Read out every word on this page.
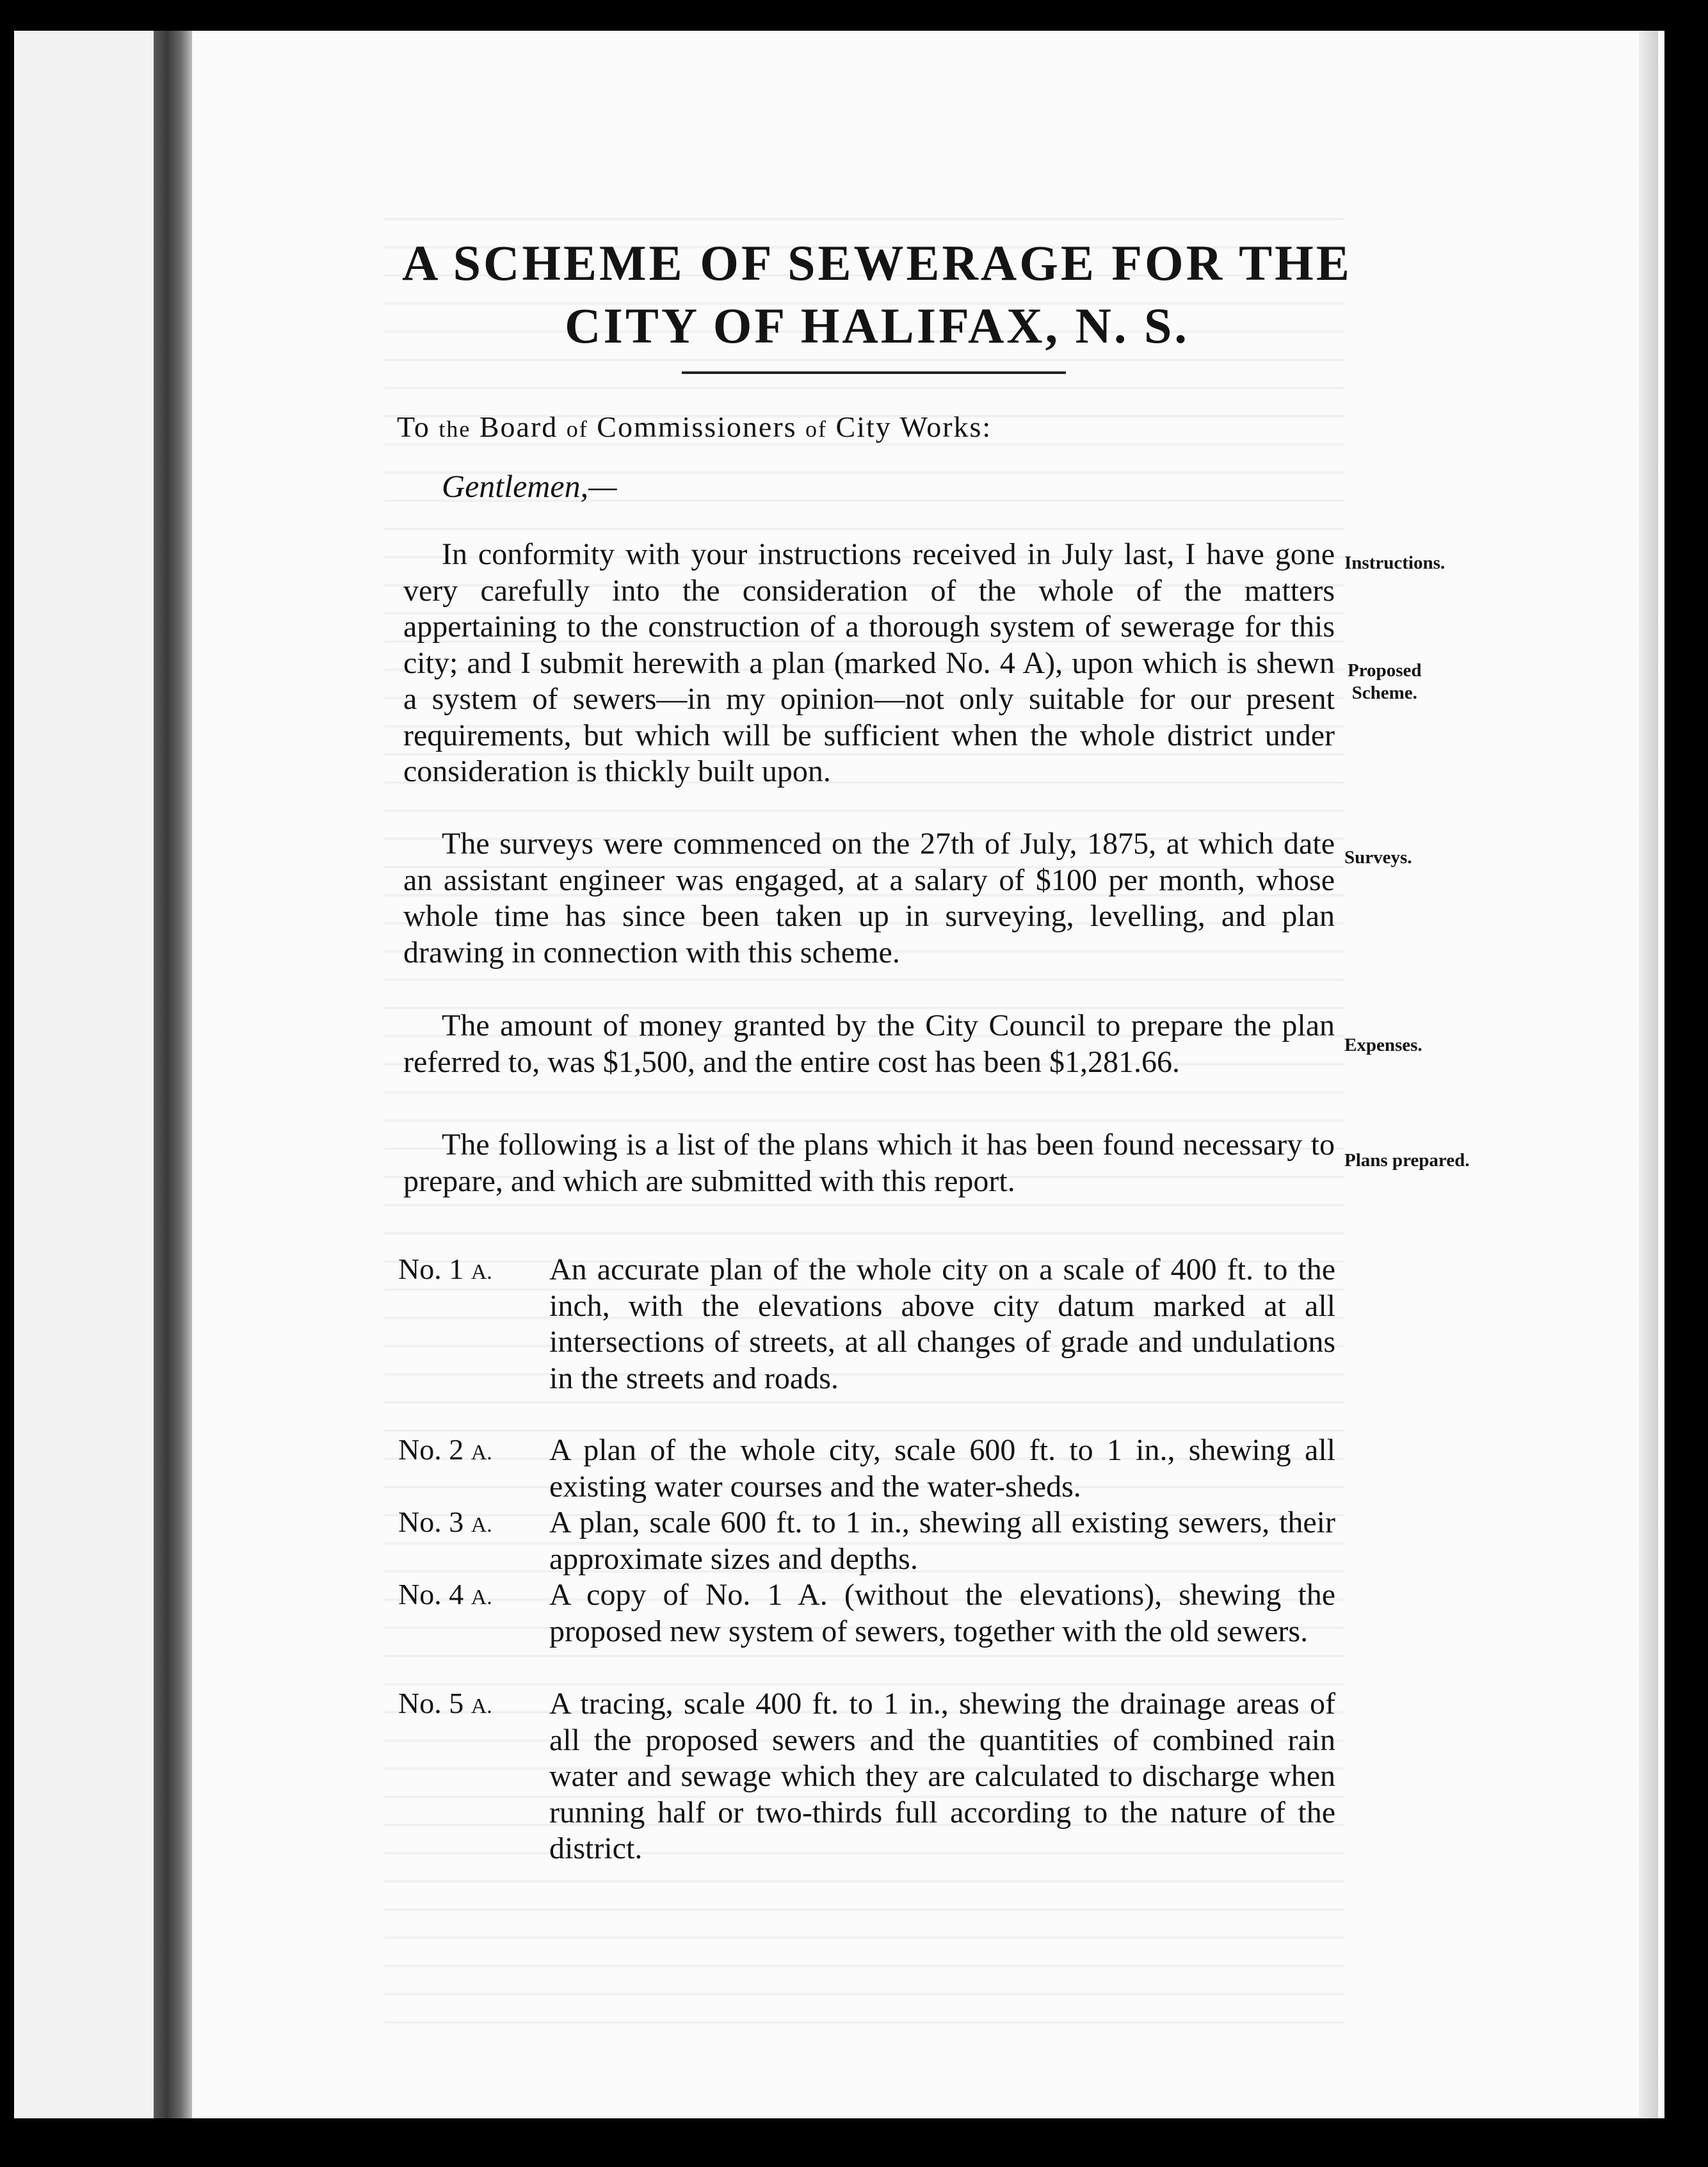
A SCHEME OF SEWERAGE FOR THE
CITY OF HALIFAX, N. S.
To the Board of Commissioners of City Works:
Gentlemen,—
In conformity with your instructions received in July last, I have gone very carefully into the consideration of the whole of the matters appertaining to the construction of a thorough system of sewerage for this city; and I submit herewith a plan (marked No. 4 A), upon which is shewn a system of sewers—in my opinion—not only suitable for our present requirements, but which will be sufficient when the whole district under consideration is thickly built upon.
The surveys were commenced on the 27th of July, 1875, at which date an assistant engineer was engaged, at a salary of $100 per month, whose whole time has since been taken up in surveying, levelling, and plan drawing in connection with this scheme.
The amount of money granted by the City Council to prepare the plan referred to, was $1,500, and the entire cost has been $1,281.66.
The following is a list of the plans which it has been found necessary to prepare, and which are submitted with this report.
Instructions.
Proposed
Scheme.
Surveys.
Expenses.
Plans prepared.
No. 1 A.	An accurate plan of the whole city on a scale of 400 ft. to the inch, with the elevations above city datum marked at all intersections of streets, at all changes of grade and undulations in the streets and roads.
No. 2 A.	A plan of the whole city, scale 600 ft. to 1 in., shewing all existing water courses and the water-sheds.
No. 3 A.	A plan, scale 600 ft. to 1 in., shewing all existing sewers, their approximate sizes and depths.
No. 4 A.	A copy of No. 1 A. (without the elevations), shewing the proposed new system of sewers, together with the old sewers.
No. 5 A.	A tracing, scale 400 ft. to 1 in., shewing the drainage areas of all the proposed sewers and the quantities of combined rain water and sewage which they are calculated to discharge when running half or two-thirds full according to the nature of the district.
